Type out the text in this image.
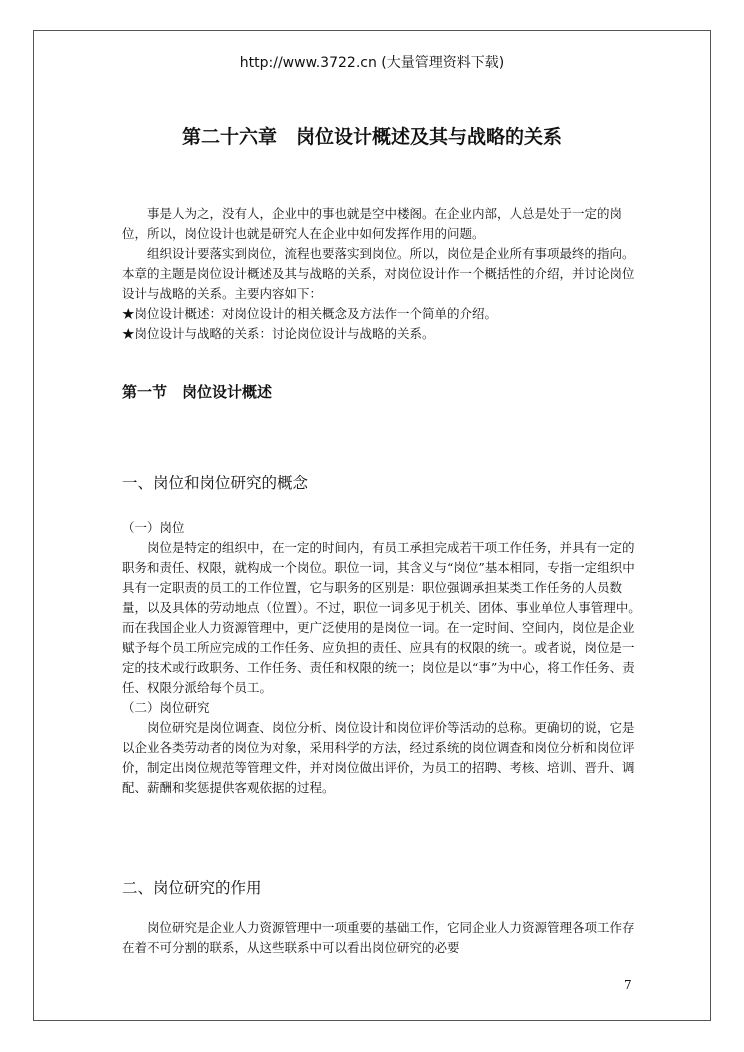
http://www.3722.cn (大量管理资料下载)
第二十六章　岗位设计概述及其与战略的关系

事是人为之，没有人，企业中的事也就是空中楼阁。在企业内部，人总是处于一定的岗位，所以，岗位设计也就是研究人在企业中如何发挥作用的问题。

组织设计要落实到岗位，流程也要落实到岗位。所以，岗位是企业所有事项最终的指向。本章的主题是岗位设计概述及其与战略的关系，对岗位设计作一个概括性的介绍，并讨论岗位设计与战略的关系。主要内容如下：

★岗位设计概述：对岗位设计的相关概念及方法作一个简单的介绍。

★岗位设计与战略的关系：讨论岗位设计与战略的关系。

第一节　岗位设计概述
一、岗位和岗位研究的概念

（一）岗位

岗位是特定的组织中，在一定的时间内，有员工承担完成若干项工作任务，并具有一定的职务和责任、权限，就构成一个岗位。职位一词，其含义与“岗位”基本相同，专指一定组织中具有一定职责的员工的工作位置，它与职务的区别是：职位强调承担某类工作任务的人员数量，以及具体的劳动地点（位置）。不过，职位一词多见于机关、团体、事业单位人事管理中。而在我国企业人力资源管理中，更广泛使用的是岗位一词。在一定时间、空间内，岗位是企业赋予每个员工所应完成的工作任务、应负担的责任、应具有的权限的统一。或者说，岗位是一定的技术或行政职务、工作任务、责任和权限的统一；岗位是以“事”为中心，将工作任务、责任、权限分派给每个员工。

（二）岗位研究

岗位研究是岗位调查、岗位分析、岗位设计和岗位评价等活动的总称。更确切的说，它是以企业各类劳动者的岗位为对象，采用科学的方法，经过系统的岗位调查和岗位分析和岗位评价，制定出岗位规范等管理文件，并对岗位做出评价，为员工的招聘、考核、培训、晋升、调配、薪酬和奖惩提供客观依据的过程。

二、岗位研究的作用

岗位研究是企业人力资源管理中一项重要的基础工作，它同企业人力资源管理各项工作存在着不可分割的联系，从这些联系中可以看出岗位研究的必要

7
